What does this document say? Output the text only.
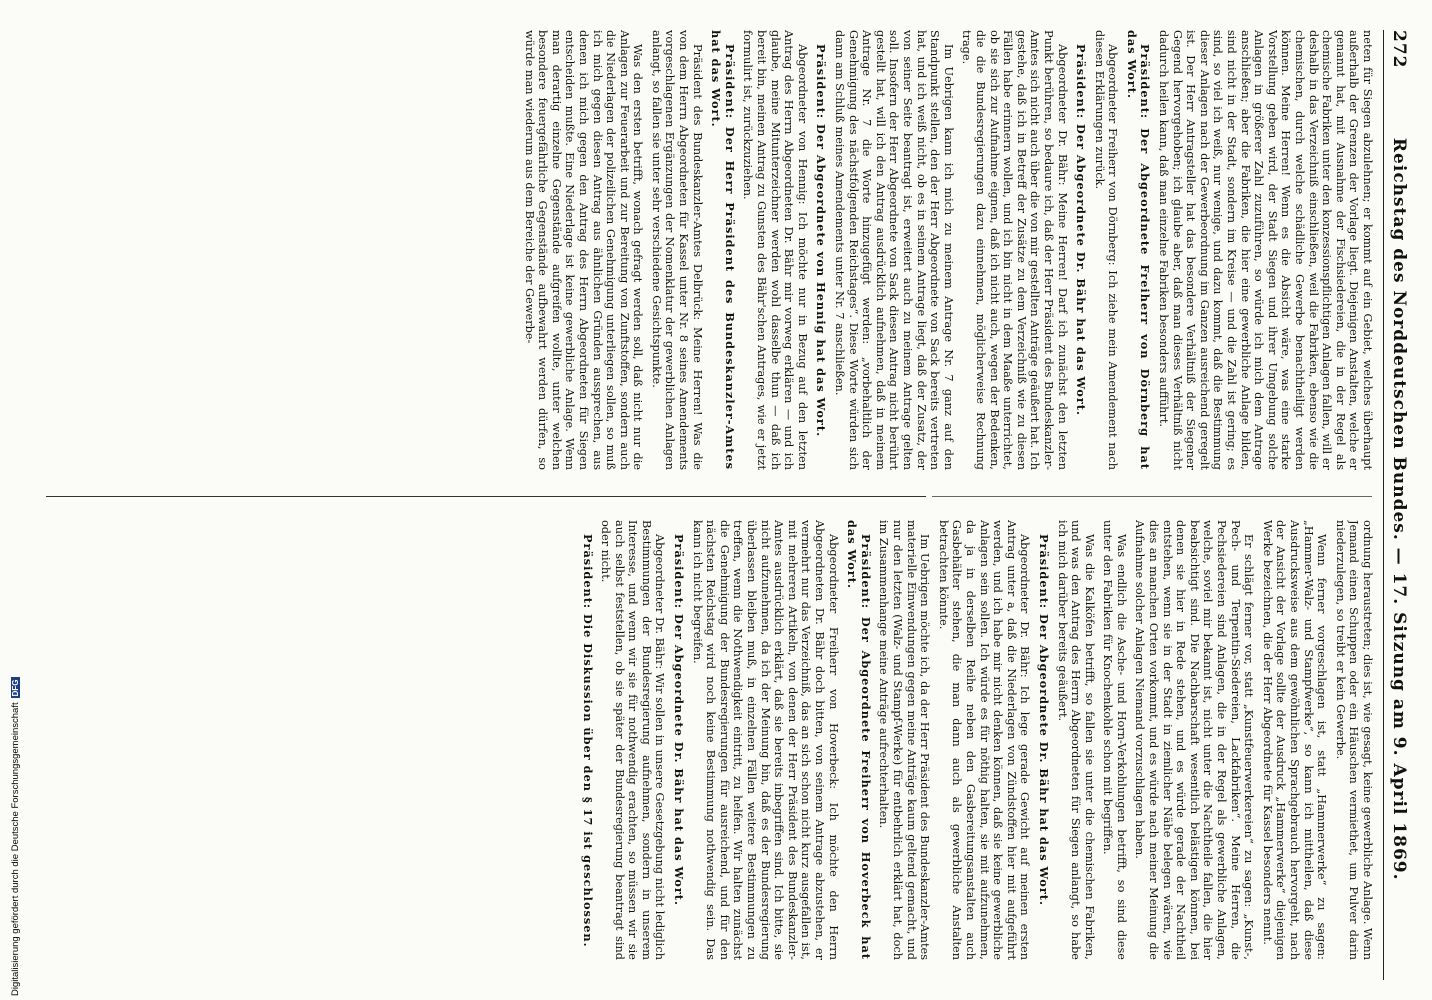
272
Reichstag des Norddeutschen Bundes. — 17. Sitzung am 9. April 1869.

neten für Siegen abzulehnen; er kommt auf ein Gebiet, welches überhaupt außerhalb der Grenzen der Vorlage liegt. Diejenigen Anstalten, welche er genannt hat, mit Ausnahme der Fischsiedereien, die in der Regel als chemische Fabriken unter den konzessionspflichtigen Anlagen fallen, will er deshalb in das Verzeichniß einschließen, weil die Fabriken, ebenso wie die chemischen, durch welche schädliche Gewerbe benachtheiligt werden können. Meine Herren! Wenn es die Absicht wäre, was eine starke Vorstellung geben wird, der Stadt Siegen und ihrer Umgebung solche Anlagen in größerer Zahl zuzuführen, so würde ich mich dem Antrage anschließen; aber die Fabriken, die hier eine gewerbliche Anlage bilden, sind nicht in der Stadt, sondern im Kreise — und die Zahl ist gering; es sind, so viel ich weiß, nur wenige, und dazu kommt, daß die Bestimmung dieser Anlagen nach der Gewerbeordnung im Ganzen ausreichend geregelt ist. Der Herr Antragsteller hat das besondere Verhältniß der Siegener Gegend hervorgehoben; ich glaube aber, daß man dieses Verhältniß nicht dadurch heilen kann, daß man einzelne Fabriken besonders aufführt.

Präsident: Der Abgeordnete Freiherr von Dörnberg hat das Wort.

Abgeordneter Freiherr von Dörnberg: Ich ziehe mein Amendement nach diesen Erklärungen zurück.

Präsident: Der Abgeordnete Dr. Bähr hat das Wort.

Abgeordneter Dr. Bähr: Meine Herren! Darf ich zunächst den letzten Punkt berühren, so bedaure ich, daß der Herr Präsident des Bundeskanzler-Amtes sich nicht auch über die von mir gestellten Anträge geäußert hat. Ich gestehe, daß ich in Betreff der Zusätze zu dem Verzeichniß wie zu diesen Fällen habe erinnern wollen, und ich bin nicht in dem Maaße unterrichtet, ob sie sich zur Aufnahme eignen, daß ich nicht auch, wegen der Bedenken, die die Bundesregierungen dazu einnehmen, möglicherweise Rechnung trage.

Im Uebrigen kann ich mich zu meinem Antrage Nr. 7 ganz auf den Standpunkt stellen, den der Herr Abgeordnete von Sack bereits vertreten hat, und ich weiß nicht, ob es in seinem Antrage liegt, daß der Zusatz, der von seiner Seite beantragt ist, erweitert auch zu meinem Antrage gelten soll. Insofern der Herr Abgeordnete von Sack diesen Antrag nicht berührt gestellt hat, will ich den Antrag ausdrücklich aufnehmen, daß in meinem Antrage Nr. 7 die Worte hinzugefügt werden: „vorbehaltlich der Genehmigung des nächstfolgenden Reichstages“. Diese Worte würden sich dann am Schluß meines Amendements unter Nr. 7 anschließen.

Präsident: Der Abgeordnete von Hennig hat das Wort.

Abgeordneter von Hennig: Ich möchte nur in Bezug auf den letzten Antrag des Herrn Abgeordneten Dr. Bähr mir vorweg erklären — und ich glaube, meine Mitunterzeichner werden wohl dasselbe thun — daß ich bereit bin, meinen Antrag zu Gunsten des Bähr'schen Antrages, wie er jetzt formulirt ist, zurückzuziehen.

Präsident: Der Herr Präsident des Bundeskanzler-Amtes hat das Wort.

Präsident des Bundeskanzler-Amtes Delbrück: Meine Herren! Was die von dem Herrn Abgeordneten für Kassel unter Nr. 8 seines Amendements vorgeschlagenen Ergänzungen der Nomenklatur der gewerblichen Anlagen anlangt, so fallen sie unter sehr verschiedene Gesichtspunkte.

Was den ersten betrifft, wonach gefragt werden soll, daß nicht nur die Anlagen zur Feuerarbeit und zur Bereitung von Zunftstoffen, sondern auch die Niederlagen der polizeilichen Genehmigung unterliegen sollen, so muß ich mich gegen diesen Antrag aus ähnlichen Gründen aussprechen, aus denen ich mich gegen den Antrag des Herrn Abgeordneten für Siegen entscheiden mußte. Eine Niederlage ist keine gewerbliche Anlage. Wenn man derartig einzelne Gegenstände aufgreifen wollte, unter welchen besondere feuergefährliche Gegenstände aufbewahrt werden dürfen, so würde man wiederum aus dem Bereiche der Gewerbe-

ordnung heraustreten; dies ist, wie gesagt, keine gewerbliche Anlage. Wenn Jemand einen Schuppen oder ein Häuschen vermiethet, um Pulver darin niederzulegen, so treibt er kein Gewerbe.

Wenn ferner vorgeschlagen ist, statt „Hammerwerke“ zu sagen: „Hammer-Walz- und Stampfwerke“, so kann ich mittheilen, daß diese Ausdrucksweise aus dem gewöhnlichen Sprachgebrauch hervorgeht, nach der Ansicht der Vorlage sollte der Ausdruck „Hammerwerke“ diejenigen Werke bezeichnen, die der Herr Abgeordnete für Kassel besonders nennt.

Er schlägt ferner vor, statt „Kunstfeuerwerkereien“ zu sagen: „Kunst-, Pech- und Terpentin-Siedereien, Lackfabriken“. Meine Herren, die Pechsiedereien sind Anlagen, die in der Regel als gewerbliche Anlagen, welche, soviel mir bekannt ist, nicht unter die Nachtheile fallen, die hier beabsichtigt sind. Die Nachbarschaft wesentlich belästigen können, bei denen sie hier in Rede stehen, und es würde gerade der Nachtheil entstehen, wenn sie in der Stadt in ziemlicher Nähe belegen wären, wie dies an manchen Orten vorkommt, und es würde nach meiner Meinung die Aufnahme solcher Anlagen Niemand vorzuschlagen haben.

Was endlich die Asche- und Horn-Verkohlungen betrifft, so sind diese unter den Fabriken für Knochenkohle schon mit begriffen.

Was die Kalköfen betrifft, so fallen sie unter die chemischen Fabriken, und was den Antrag des Herrn Abgeordneten für Siegen anlangt, so habe ich mich darüber bereits geäußert.

Präsident: Der Abgeordnete Dr. Bähr hat das Wort.

Abgeordneter Dr. Bähr: Ich lege gerade Gewicht auf meinen ersten Antrag unter a, daß die Niederlagen von Zündstoffen hier mit aufgeführt werden, und ich habe mir nicht denken können, daß sie keine gewerbliche Anlagen sein sollen. Ich würde es für nöthig halten, sie mit aufzunehmen, da ja in derselben Reihe neben den Gasbereitungsanstalten auch Gasbehälter stehen, die man dann auch als gewerbliche Anstalten betrachten könnte.

Im Uebrigen möchte ich, da der Herr Präsident des Bundeskanzler-Amtes materielle Einwendungen gegen meine Anträge kaum geltend gemacht, und nur den letzten (Walz- und Stampf-Werke) für entbehrlich erklärt hat, doch im Zusammenhange meine Anträge aufrechterhalten.

Präsident: Der Abgeordnete Freiherr von Hoverbeck hat das Wort.

Abgeordneter Freiherr von Hoverbeck: Ich möchte den Herrn Abgeordneten Dr. Bähr doch bitten, von seinem Antrage abzustehen, er vermehrt nur das Verzeichniß, das an sich schon nicht kurz ausgefallen ist, mit mehreren Artikeln, von denen der Herr Präsident des Bundeskanzler-Amtes ausdrücklich erklärt, daß sie bereits inbegriffen sind. Ich bitte, sie nicht aufzunehmen, da ich der Meinung bin, daß es der Bundesregierung überlassen bleiben muß, in einzelnen Fällen weitere Bestimmungen zu treffen, wenn die Nothwendigkeit eintritt, zu helfen. Wir halten zunächst die Genehmigung der Bundesregierungen für ausreichend, und für den nächsten Reichstag wird noch keine Bestimmung nothwendig sein. Das kann ich nicht begreifen.

Präsident: Der Abgeordnete Dr. Bähr hat das Wort.

Abgeordneter Dr. Bähr: Wir sollen in unsere Gesetzgebung nicht lediglich Bestimmungen der Bundesregierung aufnehmen, sondern in unserem Interesse, und wenn wir sie für nothwendig erachten, so müssen wir sie auch selbst feststellen, ob sie später der Bundesregierung beantragt sind oder nicht.

Präsident: Die Diskussion über den § 17 ist geschlossen.

Digitalisierung gefördert durch die Deutsche Forschungsgemeinschaft
DFG
